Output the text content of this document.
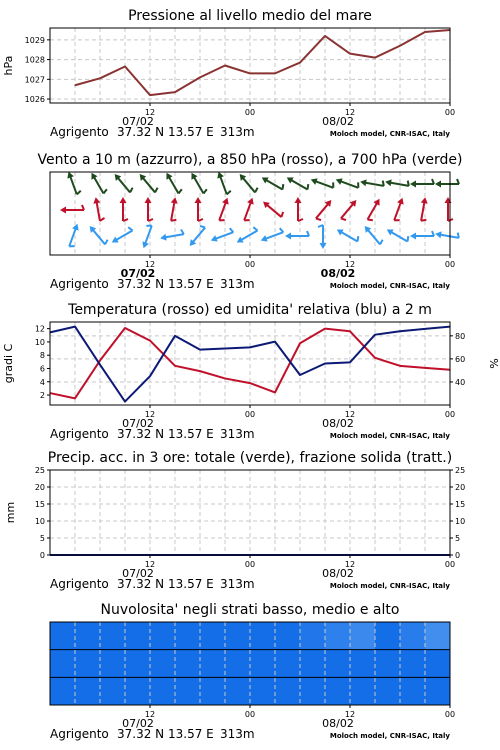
Pressione al livello medio del mare
12	00	12	00
07/02	08/02
Agrigento 37.32 N 13.57 E 313m	Moloch model, CNR-ISAC, Italy
1026
1027
1028
1029
hPa
Vento a 10 m (azzurro), a 850 hPa (rosso), a 700 hPa (verde)
12	00	12	00
07/02	08/02
Agrigento 37.32 N 13.57 E 313m	Moloch model, CNR-ISAC, Italy
Temperatura (rosso) ed umidita' relativa (blu) a 2 m
12	00	12	00
07/02	08/02
Agrigento 37.32 N 13.57 E 313m	Moloch model, CNR-ISAC, Italy
2
4
6
8
10
12
gradi C	40
60
80
%
Precip. acc. in 3 ore: totale (verde), frazione solida (tratt.)
12	00	12	00
07/02	08/02
Agrigento 37.32 N 13.57 E 313m	Moloch model, CNR-ISAC, Italy
0
5
10
15
20
25
mm
0
5
10
15
20
25
Nuvolosita' negli strati basso, medio e alto
12	00	12	00
07/02	08/02
Agrigento 37.32 N 13.57 E 313m	Moloch model, CNR-ISAC, Italy
